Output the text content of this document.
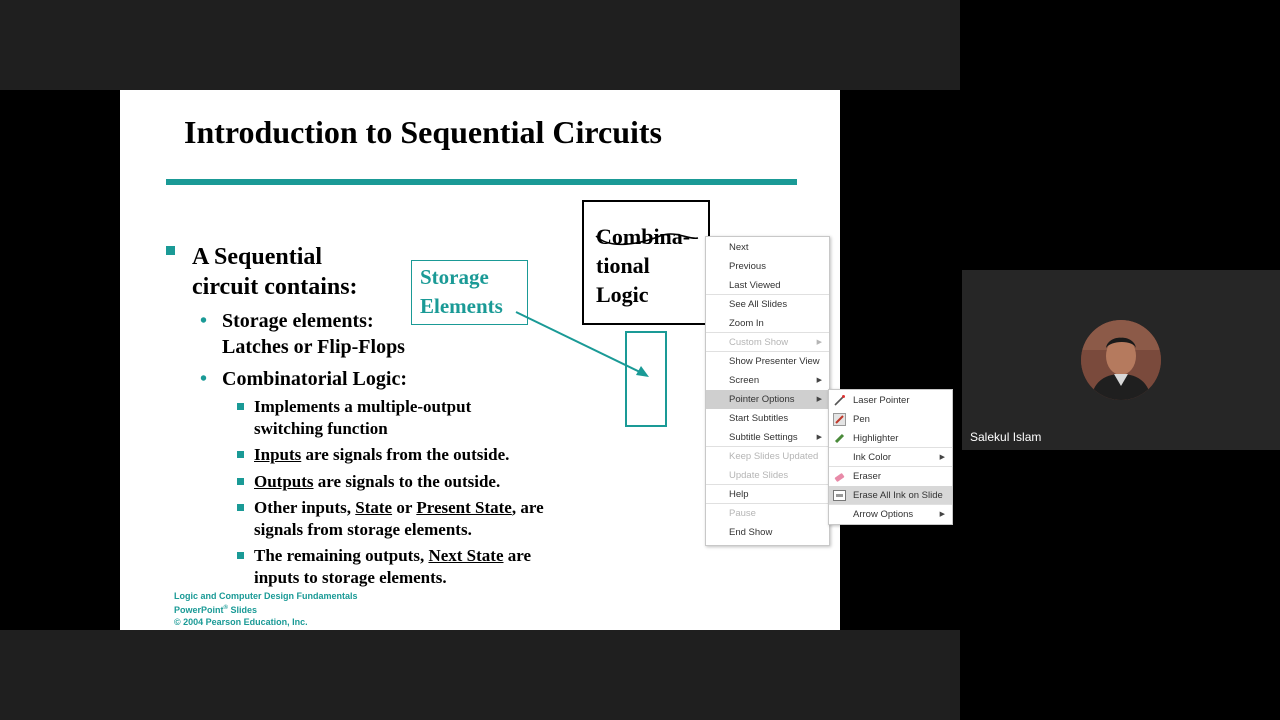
Introduction to Sequential Circuits
A Sequential
circuit contains:
• Storage elements:
Latches or Flip-Flops
• Combinatorial Logic:
Implements a multiple-output
switching function
Inputs are signals from the outside.
Outputs are signals to the outside.
Other inputs, State or Present State, are
signals from storage elements.
The remaining outputs, Next State are
inputs to storage elements.
Storage
Elements
Combina-
tional
Logic
Logic and Computer Design Fundamentals
PowerPoint® Slides
© 2004 Pearson Education, Inc.
Next
Previous
Last Viewed
See All Slides
Zoom In
Custom Show	▶
Show Presenter View
Screen	▶
Pointer Options	▶
Start Subtitles
Subtitle Settings	▶
Keep Slides Updated
Update Slides
Help
Pause
End Show
Laser Pointer
Pen
Highlighter
Ink Color	▶
Eraser
Erase All Ink on Slide
Arrow Options	▶
Salekul Islam
